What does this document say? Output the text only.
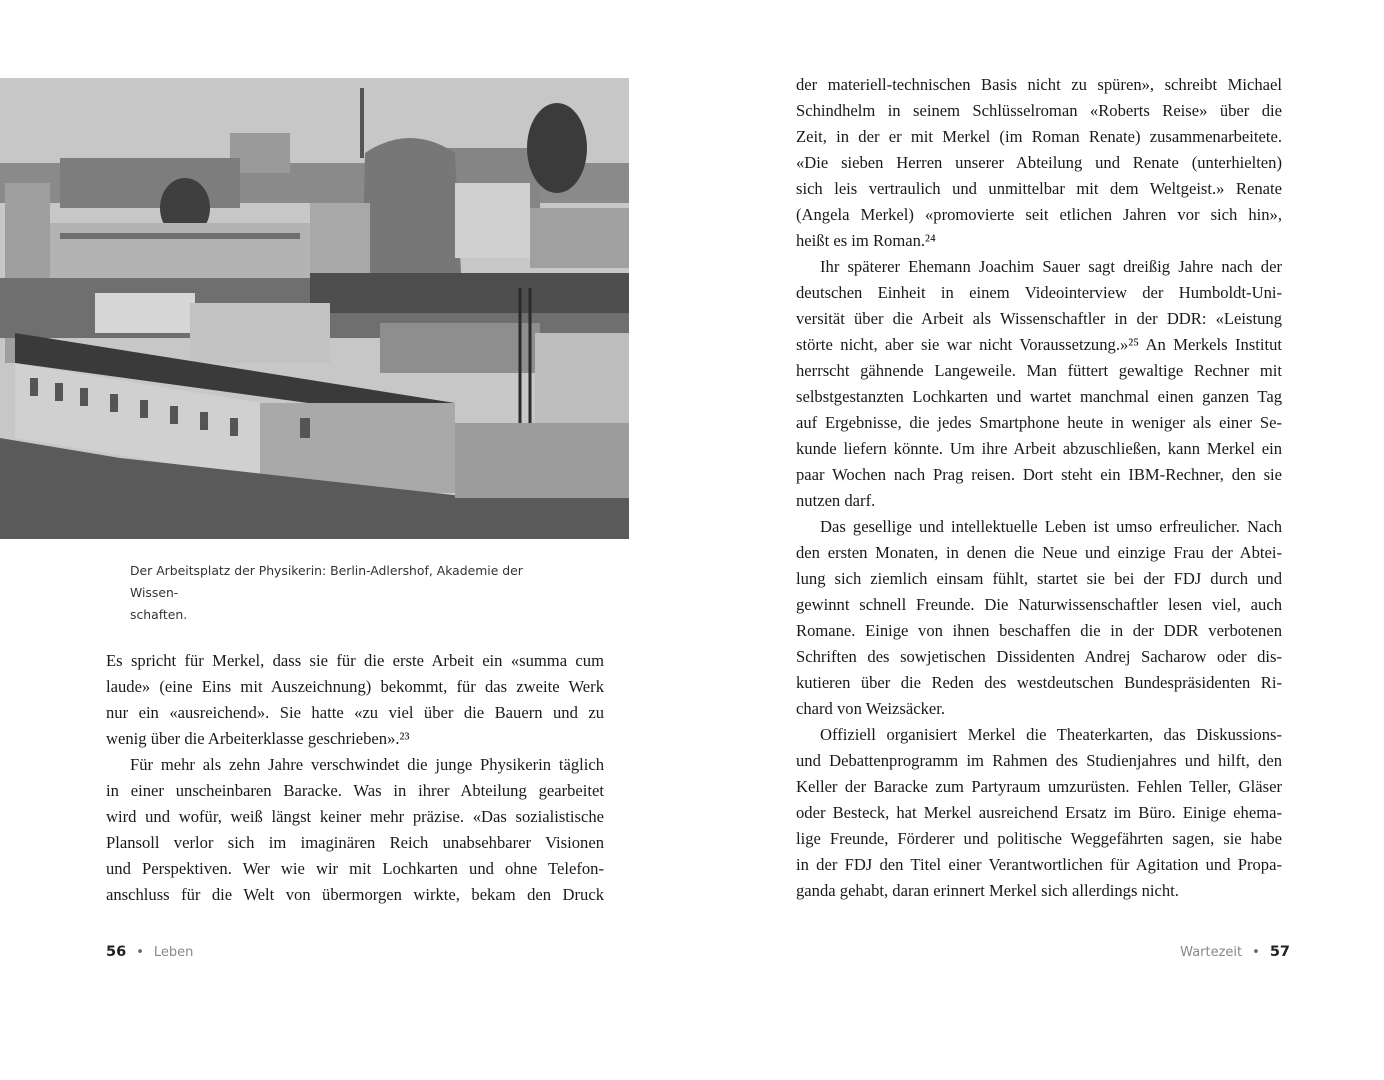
Der Arbeitsplatz der Physikerin: Berlin-Adlershof, Akademie der Wissen-

schaften.

Es spricht für Merkel, dass sie für die erste Arbeit ein «summa cum
laude» (eine Eins mit Auszeichnung) bekommt, für das zweite Werk
nur ein «ausreichend». Sie hatte «zu viel über die Bauern und zu
wenig über die Arbeiterklasse geschrieben».²³
Für mehr als zehn Jahre verschwindet die junge Physikerin täglich
in einer unscheinbaren Baracke. Was in ihrer Abteilung gearbeitet
wird und wofür, weiß längst keiner mehr präzise. «Das sozialistische
Plansoll verlor sich im imaginären Reich unabsehbarer Visionen
und Perspektiven. Wer wie wir mit Lochkarten und ohne Telefon-
anschluss für die Welt von übermorgen wirkte, bekam den Druck
56 • Leben
der materiell-technischen Basis nicht zu spüren», schreibt Michael
Schindhelm in seinem Schlüsselroman «Roberts Reise» über die
Zeit, in der er mit Merkel (im Roman Renate) zusammenarbeitete.
«Die sieben Herren unserer Abteilung und Renate (unterhielten)
sich leis vertraulich und unmittelbar mit dem Weltgeist.» Renate
(Angela Merkel) «promovierte seit etlichen Jahren vor sich hin»,
heißt es im Roman.²⁴
Ihr späterer Ehemann Joachim Sauer sagt dreißig Jahre nach der
deutschen Einheit in einem Videointerview der Humboldt-Uni-
versität über die Arbeit als Wissenschaftler in der DDR: «Leistung
störte nicht, aber sie war nicht Voraussetzung.»²⁵ An Merkels Institut
herrscht gähnende Langeweile. Man füttert gewaltige Rechner mit
selbstgestanzten Lochkarten und wartet manchmal einen ganzen Tag
auf Ergebnisse, die jedes Smartphone heute in weniger als einer Se-
kunde liefern könnte. Um ihre Arbeit abzuschließen, kann Merkel ein
paar Wochen nach Prag reisen. Dort steht ein IBM-Rechner, den sie
nutzen darf.
Das gesellige und intellektuelle Leben ist umso erfreulicher. Nach
den ersten Monaten, in denen die Neue und einzige Frau der Abtei-
lung sich ziemlich einsam fühlt, startet sie bei der FDJ durch und
gewinnt schnell Freunde. Die Naturwissenschaftler lesen viel, auch
Romane. Einige von ihnen beschaffen die in der DDR verbotenen
Schriften des sowjetischen Dissidenten Andrej Sacharow oder dis-
kutieren über die Reden des westdeutschen Bundespräsidenten Ri-
chard von Weizsäcker.
Offiziell organisiert Merkel die Theaterkarten, das Diskussions-
und Debattenprogramm im Rahmen des Studienjahres und hilft, den
Keller der Baracke zum Partyraum umzurüsten. Fehlen Teller, Gläser
oder Besteck, hat Merkel ausreichend Ersatz im Büro. Einige ehema-
lige Freunde, Förderer und politische Weggefährten sagen, sie habe
in der FDJ den Titel einer Verantwortlichen für Agitation und Propa-
ganda gehabt, daran erinnert Merkel sich allerdings nicht.
Wartezeit • 57
